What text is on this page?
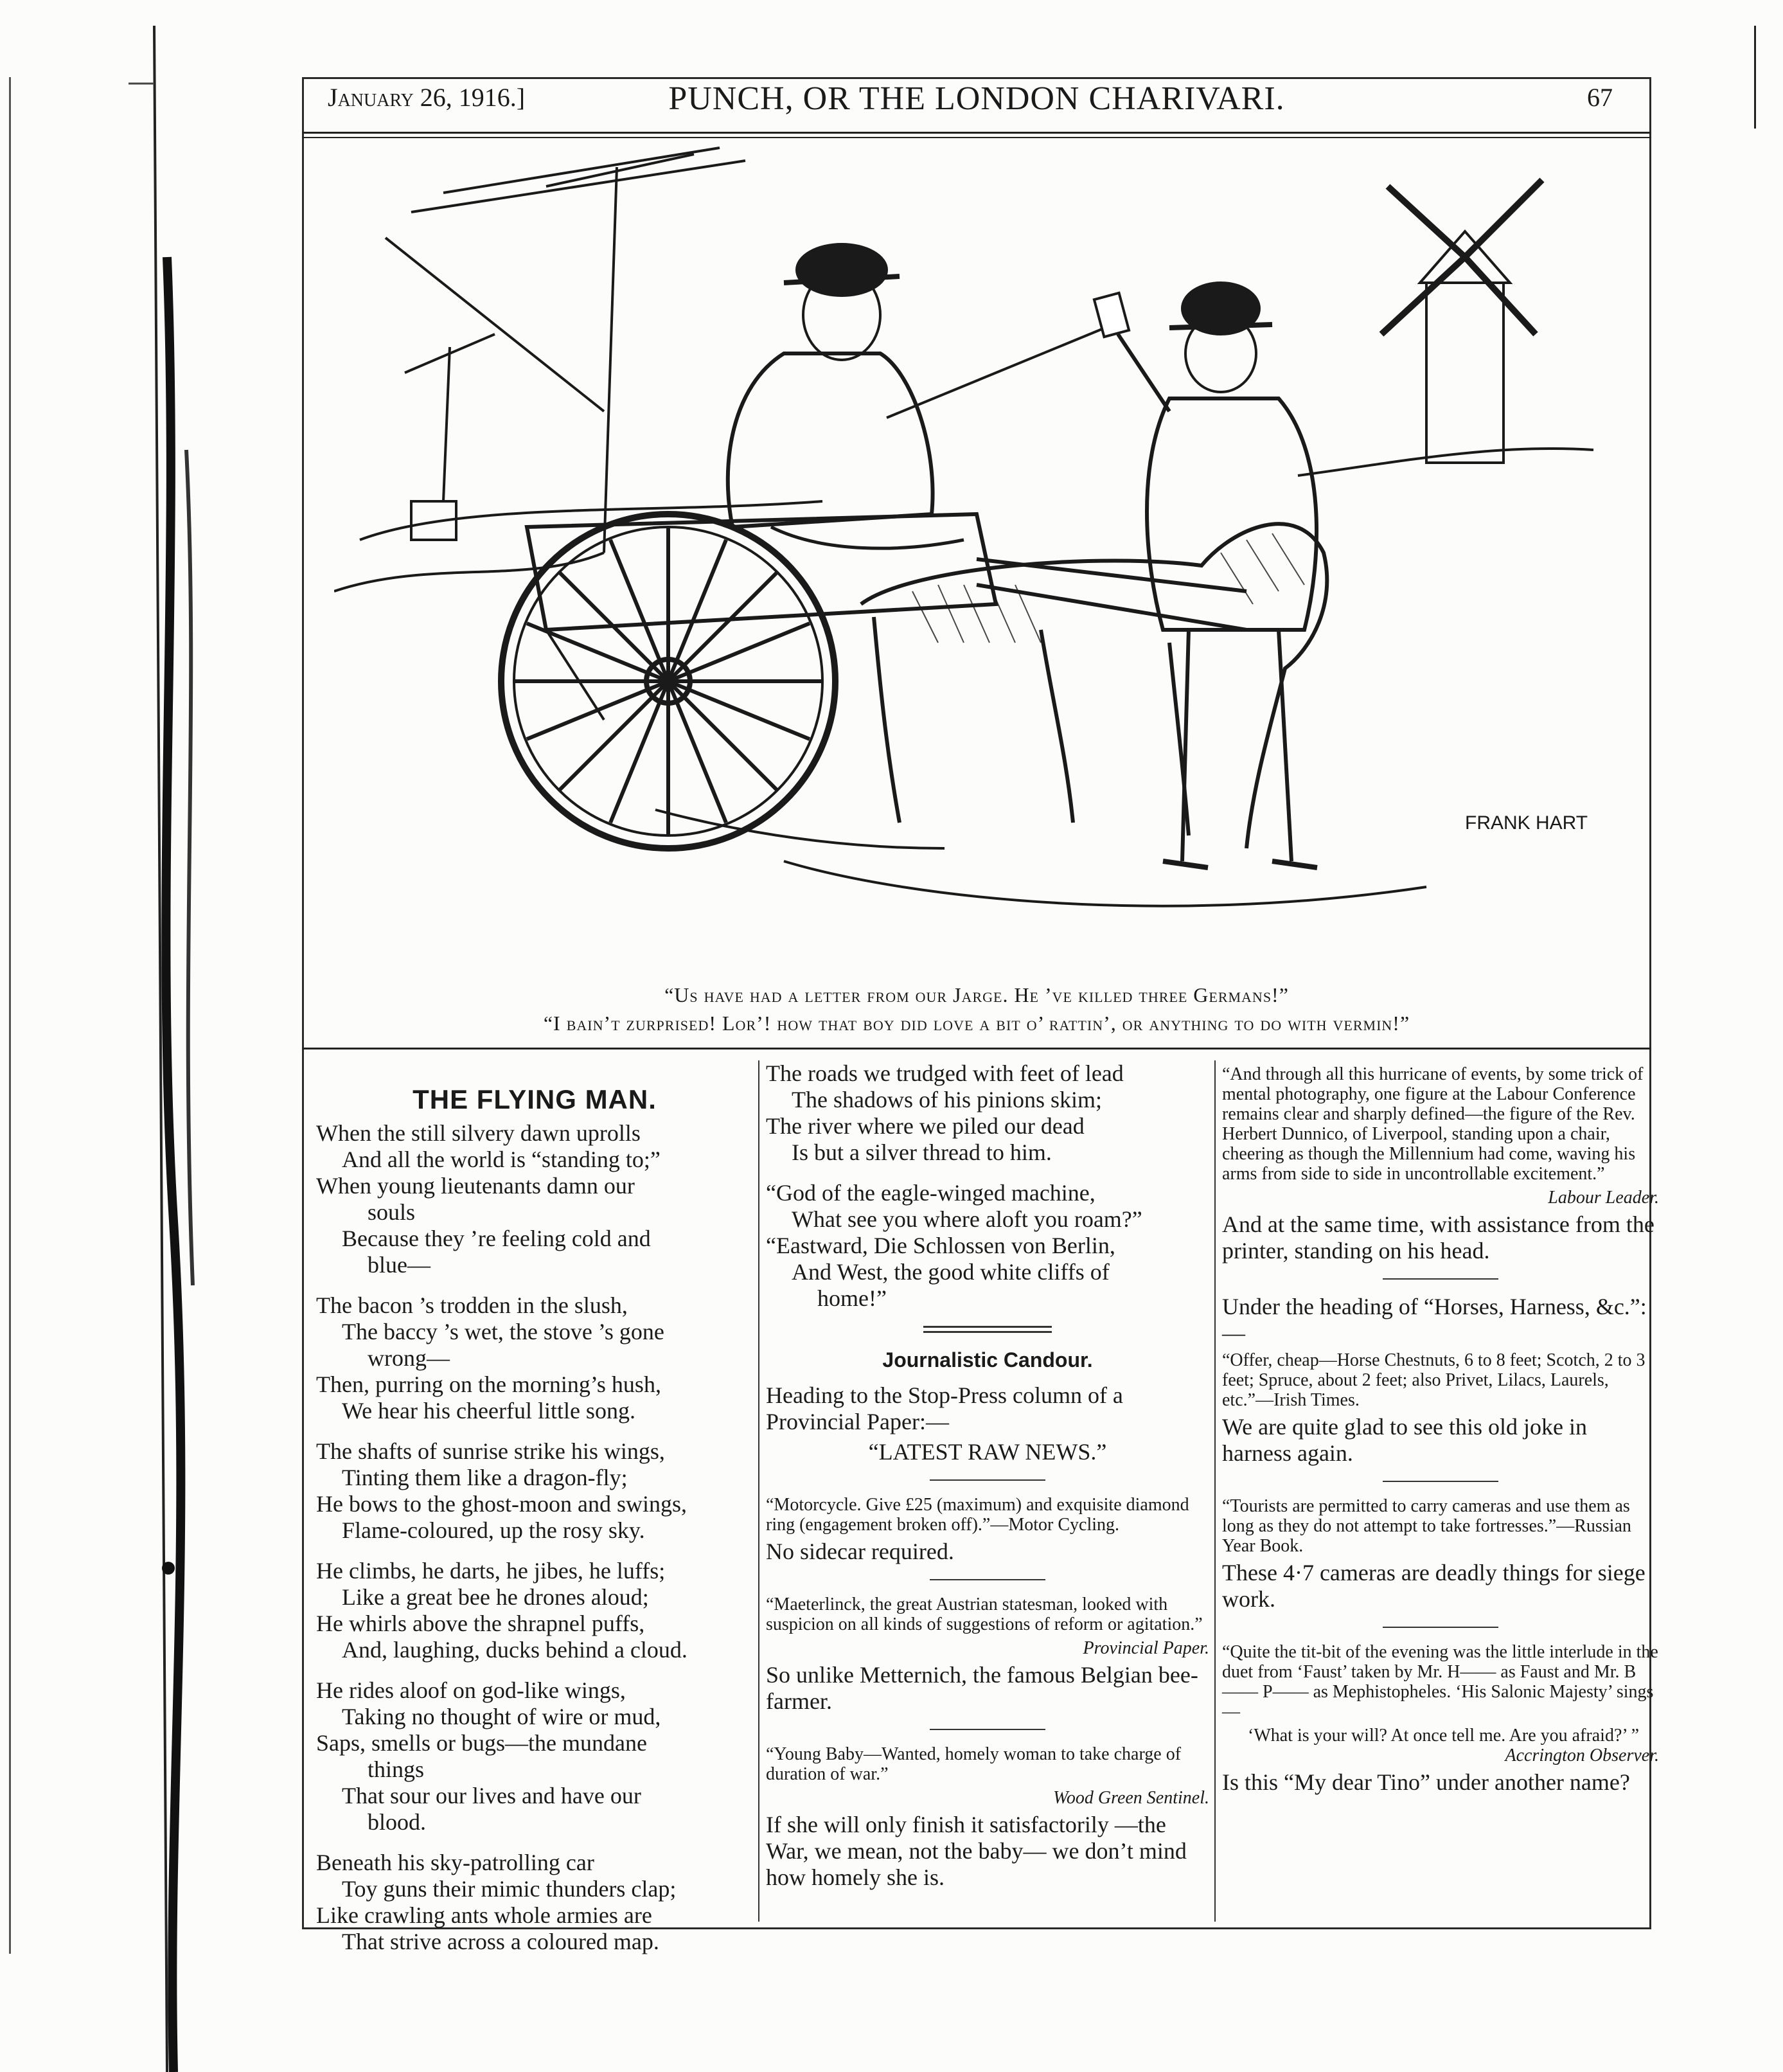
January 26, 1916.]	PUNCH, OR THE LONDON CHARIVARI.	67
FRANK HART
“Us have had a letter from our Jarge. He ’ve killed three Germans!”
“I bain’t zurprised! Lor’! how that boy did love a bit o’ rattin’, or anything to do with vermin!”
THE FLYING MAN.
When the still silvery dawn uprolls
And all the world is “standing to;”
When young lieutenants damn our
souls
Because they ’re feeling cold and
blue—
The bacon ’s trodden in the slush,
The baccy ’s wet, the stove ’s gone
wrong—
Then, purring on the morning’s hush,
We hear his cheerful little song.
The shafts of sunrise strike his wings,
Tinting them like a dragon-fly;
He bows to the ghost-moon and swings,
Flame-coloured, up the rosy sky.
He climbs, he darts, he jibes, he luffs;
Like a great bee he drones aloud;
He whirls above the shrapnel puffs,
And, laughing, ducks behind a cloud.
He rides aloof on god-like wings,
Taking no thought of wire or mud,
Saps, smells or bugs—the mundane
things
That sour our lives and have our
blood.
Beneath his sky-patrolling car
Toy guns their mimic thunders clap;
Like crawling ants whole armies are
That strive across a coloured map.
The roads we trudged with feet of lead
The shadows of his pinions skim;
The river where we piled our dead
Is but a silver thread to him.
“God of the eagle-winged machine,
What see you where aloft you roam?”
“Eastward, Die Schlossen von Berlin,
And West, the good white cliffs of
home!”
Journalistic Candour.
Heading to the Stop-Press column of a Provincial Paper:—
“LATEST RAW NEWS.”
“Motorcycle. Give £25 (maximum) and exquisite diamond ring (engagement broken off).”—Motor Cycling.
No sidecar required.
“Maeterlinck, the great Austrian statesman, looked with suspicion on all kinds of suggestions of reform or agitation.”
Provincial Paper.
So unlike Metternich, the famous Belgian bee-farmer.
“Young Baby—Wanted, homely woman to take charge of duration of war.”
Wood Green Sentinel.
If she will only finish it satisfactorily —the War, we mean, not the baby— we don’t mind how homely she is.
“And through all this hurricane of events, by some trick of mental photography, one figure at the Labour Conference remains clear and sharply defined—the figure of the Rev. Herbert Dunnico, of Liverpool, standing upon a chair, cheering as though the Millennium had come, waving his arms from side to side in uncontrollable excitement.”
Labour Leader.
And at the same time, with assistance from the printer, standing on his head.
Under the heading of “Horses, Harness, &c.”:—
“Offer, cheap—Horse Chestnuts, 6 to 8 feet; Scotch, 2 to 3 feet; Spruce, about 2 feet; also Privet, Lilacs, Laurels, etc.”—Irish Times.
We are quite glad to see this old joke in harness again.
“Tourists are permitted to carry cameras and use them as long as they do not attempt to take fortresses.”—Russian Year Book.
These 4·7 cameras are deadly things for siege work.
“Quite the tit-bit of the evening was the little interlude in the duet from ‘Faust’ taken by Mr. H—— as Faust and Mr. B—— P—— as Mephistopheles. ‘His Salonic Majesty’ sings—
‘What is your will? At once tell me. Are you afraid?’ ”
Accrington Observer.
Is this “My dear Tino” under another name?
